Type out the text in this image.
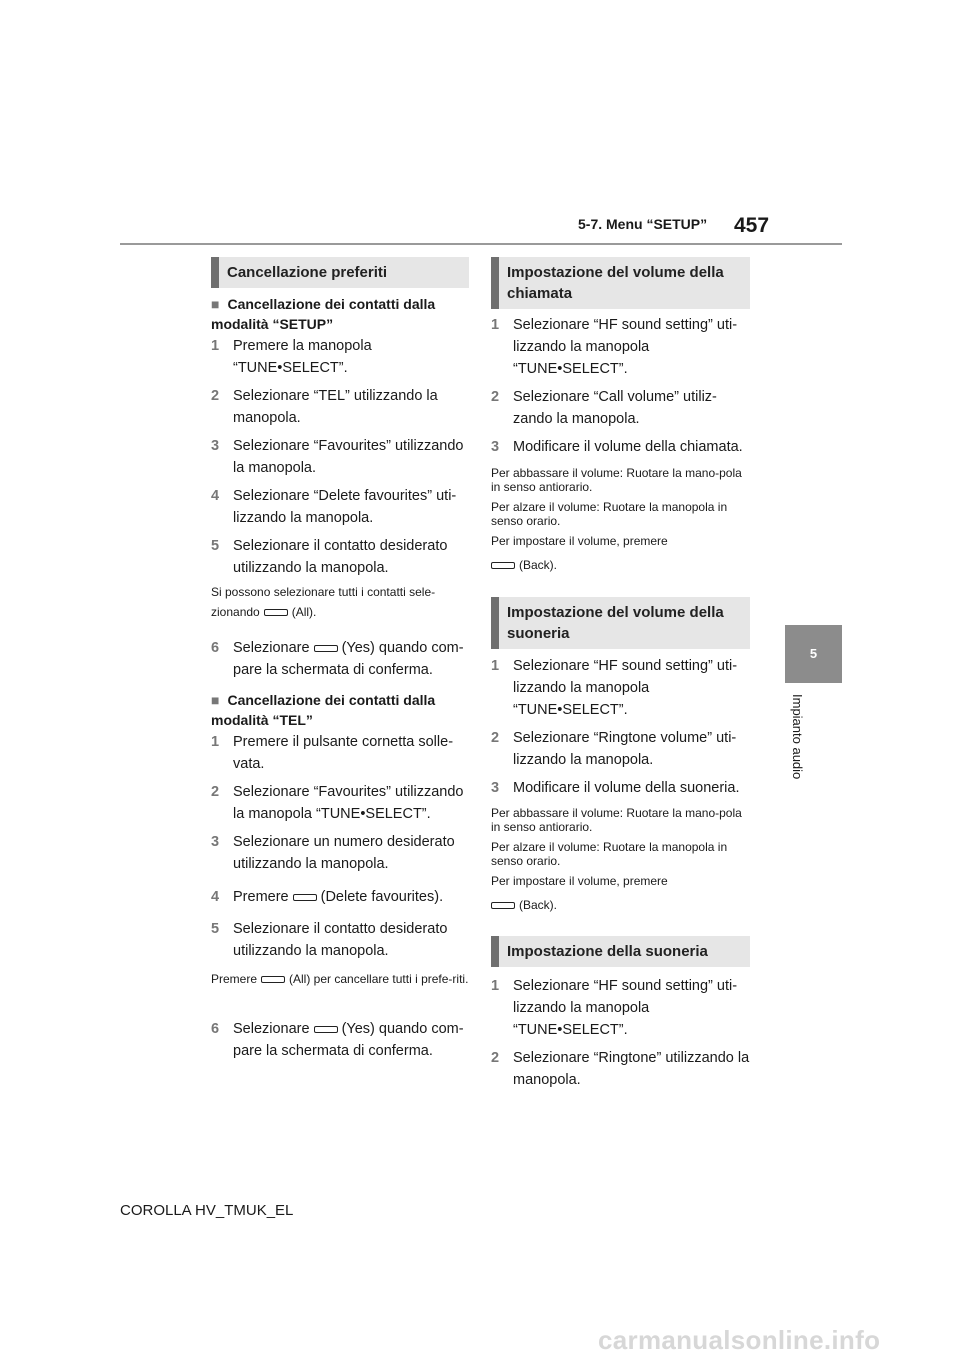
5-7. Menu “SETUP” 457
5
Impianto audio
Cancellazione preferiti
■ Cancellazione dei contatti dalla modalità “SETUP”
1 Premere la manopola “TUNE•SELECT”.
2 Selezionare “TEL” utilizzando la manopola.
3 Selezionare “Favourites” utilizzando la manopola.
4 Selezionare “Delete favourites” uti-lizzando la manopola.
5 Selezionare il contatto desiderato utilizzando la manopola.
Si possono selezionare tutti i contatti sele-
zionando	(All).
6 Selezionare (Yes) quando com-pare la schermata di conferma.
■ Cancellazione dei contatti dalla modalità “TEL”
1 Premere il pulsante cornetta solle-vata.
2 Selezionare “Favourites” utilizzando la manopola “TUNE•SELECT”.
3 Selezionare un numero desiderato utilizzando la manopola.
4 Premere (Delete favourites).
5 Selezionare il contatto desiderato utilizzando la manopola.
Premere	(All) per cancellare tutti i prefe-riti.
6 Selezionare (Yes) quando com-pare la schermata di conferma.
Impostazione del volume della chiamata
1 Selezionare “HF sound setting” uti-lizzando la manopola “TUNE•SELECT”.
2 Selezionare “Call volume” utiliz-zando la manopola.
3 Modificare il volume della chiamata.
Per abbassare il volume: Ruotare la mano-pola in senso antiorario.
Per alzare il volume: Ruotare la manopola in senso orario.
Per impostare il volume, premere
(Back).
Impostazione del volume della suoneria
1 Selezionare “HF sound setting” uti-lizzando la manopola “TUNE•SELECT”.
2 Selezionare “Ringtone volume” uti-lizzando la manopola.
3 Modificare il volume della suoneria.
Per abbassare il volume: Ruotare la mano-pola in senso antiorario.
Per alzare il volume: Ruotare la manopola in senso orario.
Per impostare il volume, premere
(Back).
Impostazione della suoneria
1 Selezionare “HF sound setting” uti-lizzando la manopola “TUNE•SELECT”.
2 Selezionare “Ringtone” utilizzando la manopola.
COROLLA HV_TMUK_EL
carmanualsonline.info
